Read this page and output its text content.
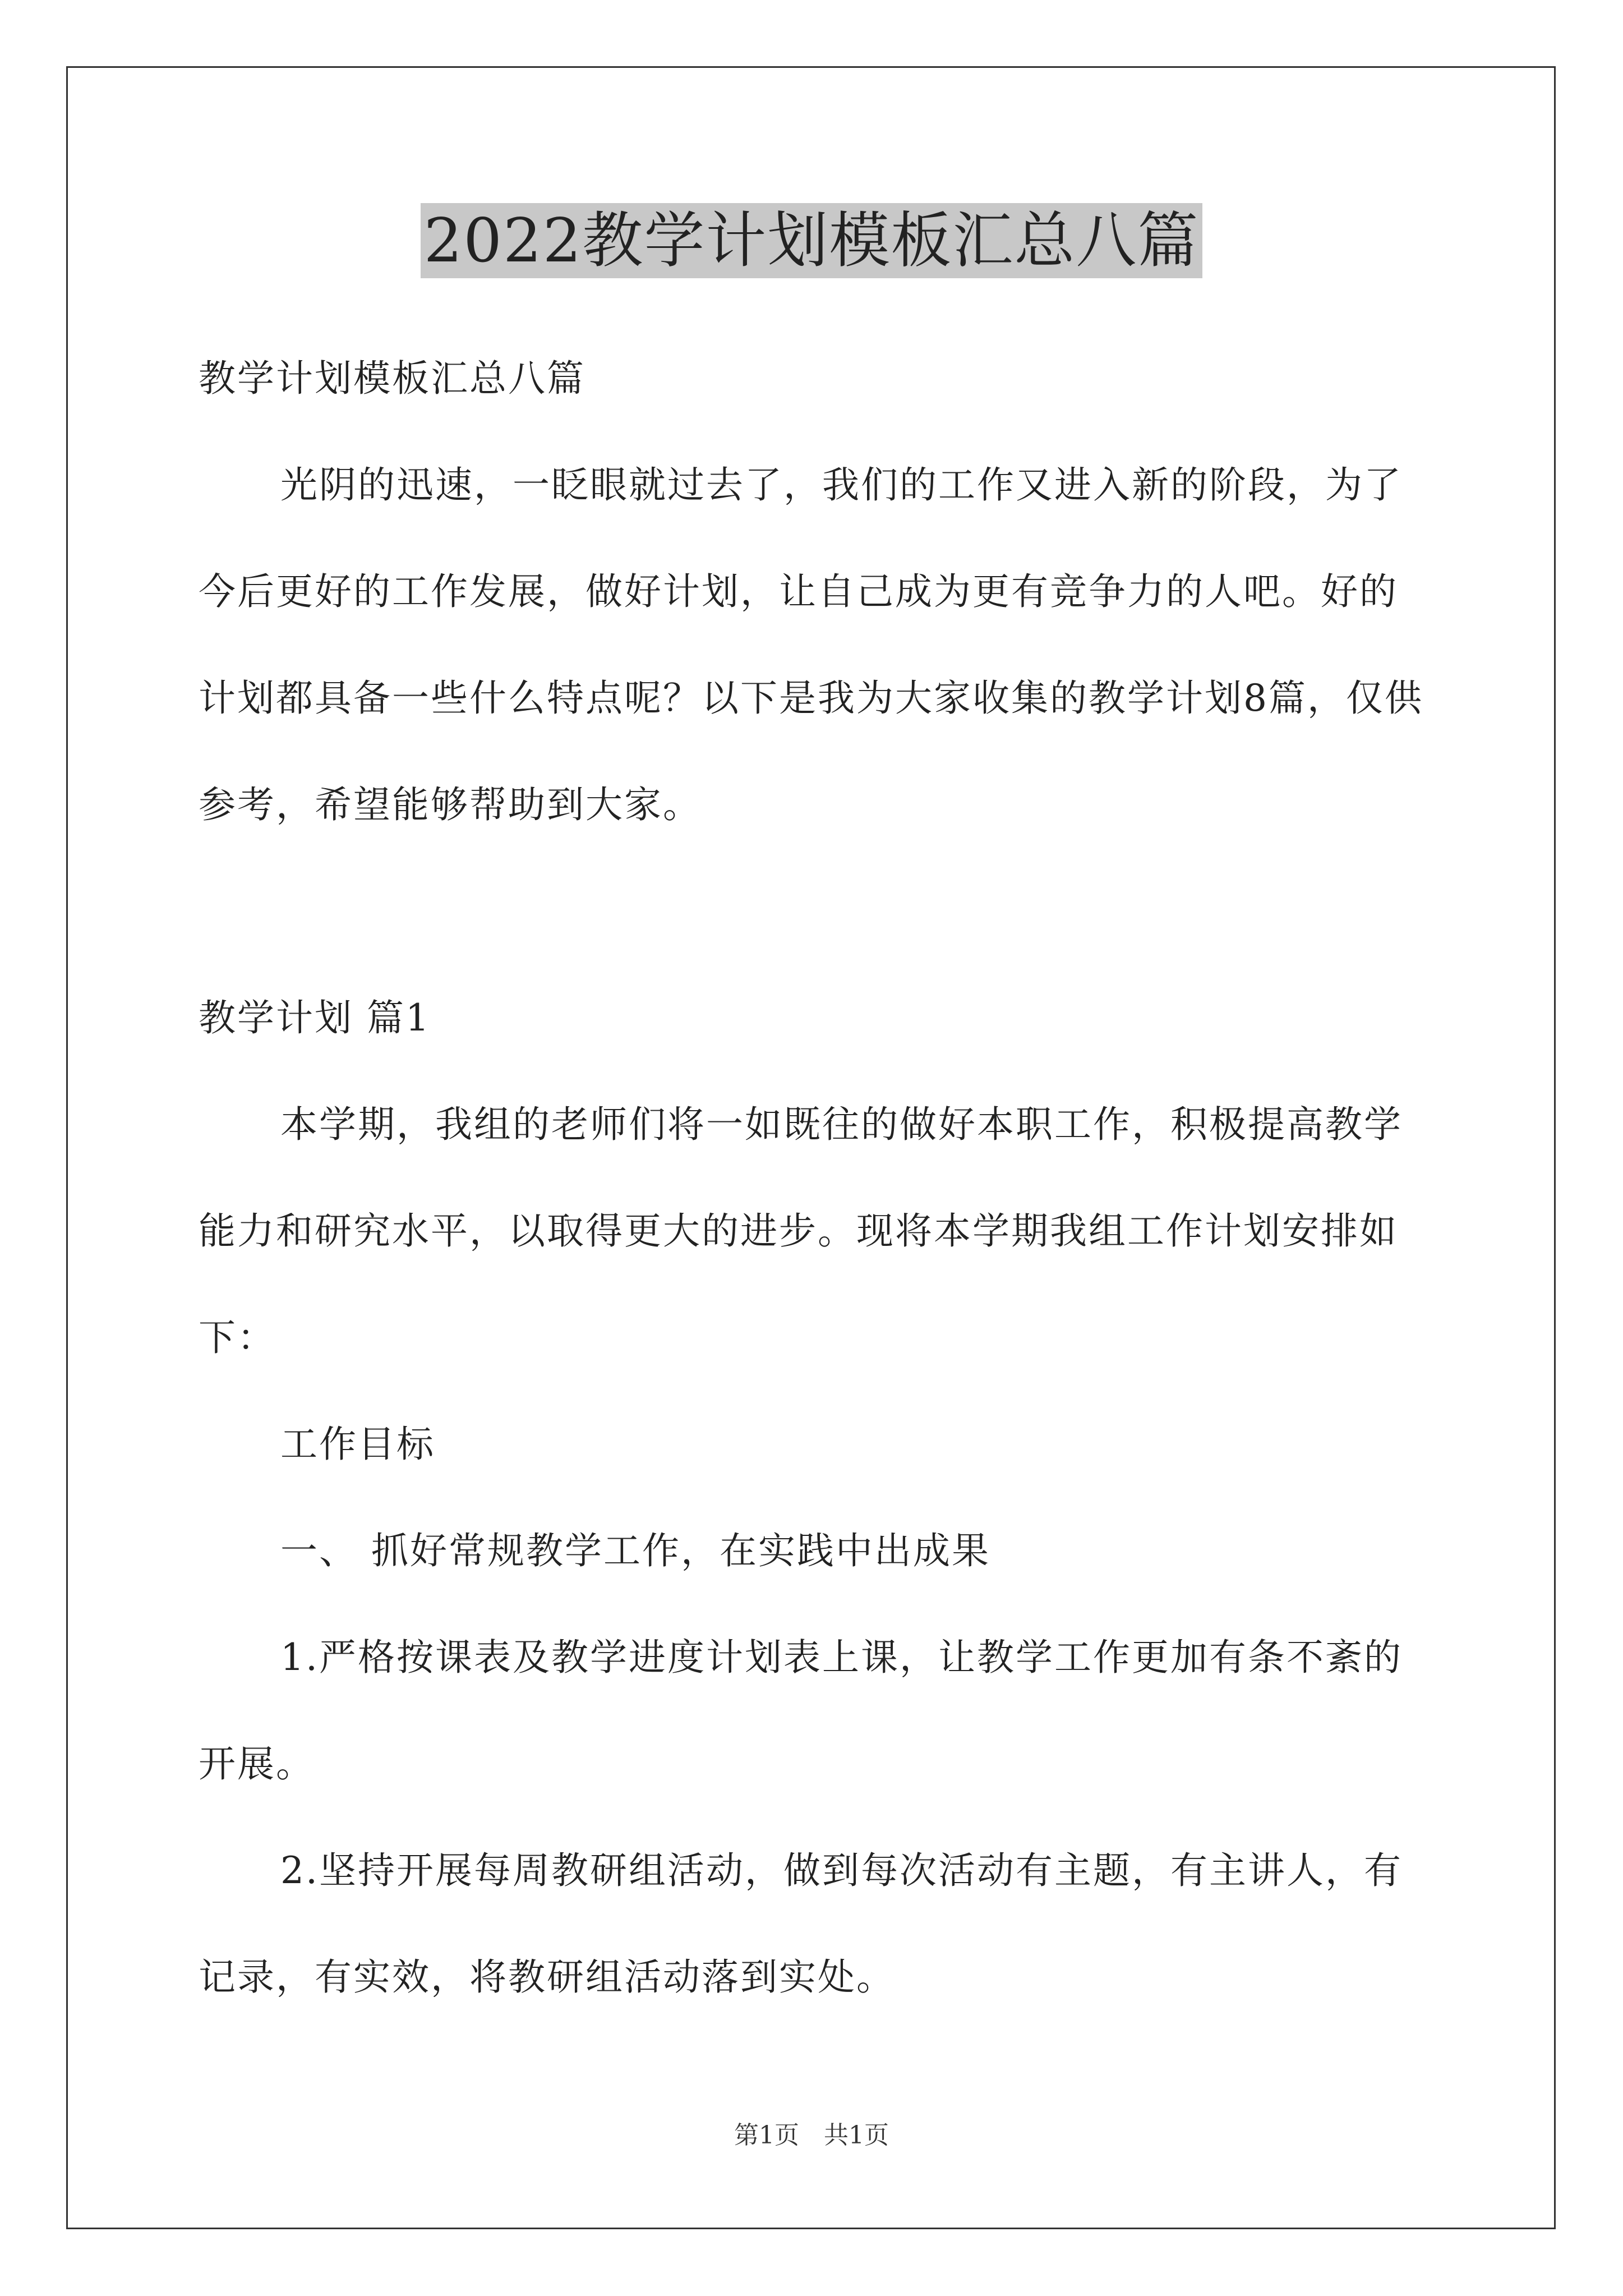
2022教学计划模板汇总八篇

教学计划模板汇总八篇

光阴的迅速，一眨眼就过去了，我们的工作又进入新的阶段，为了今后更好的工作发展，做好计划，让自己成为更有竞争力的人吧。好的计划都具备一些什么特点呢？以下是我为大家收集的教学计划8篇，仅供参考，希望能够帮助到大家。

教学计划 篇1

本学期，我组的老师们将一如既往的做好本职工作，积极提高教学能力和研究水平，以取得更大的进步。现将本学期我组工作计划安排如下：

工作目标

一、 抓好常规教学工作，在实践中出成果

1.严格按课表及教学进度计划表上课，让教学工作更加有条不紊的开展。

2.坚持开展每周教研组活动，做到每次活动有主题，有主讲人，有记录，有实效，将教研组活动落到实处。

第1页　共1页
